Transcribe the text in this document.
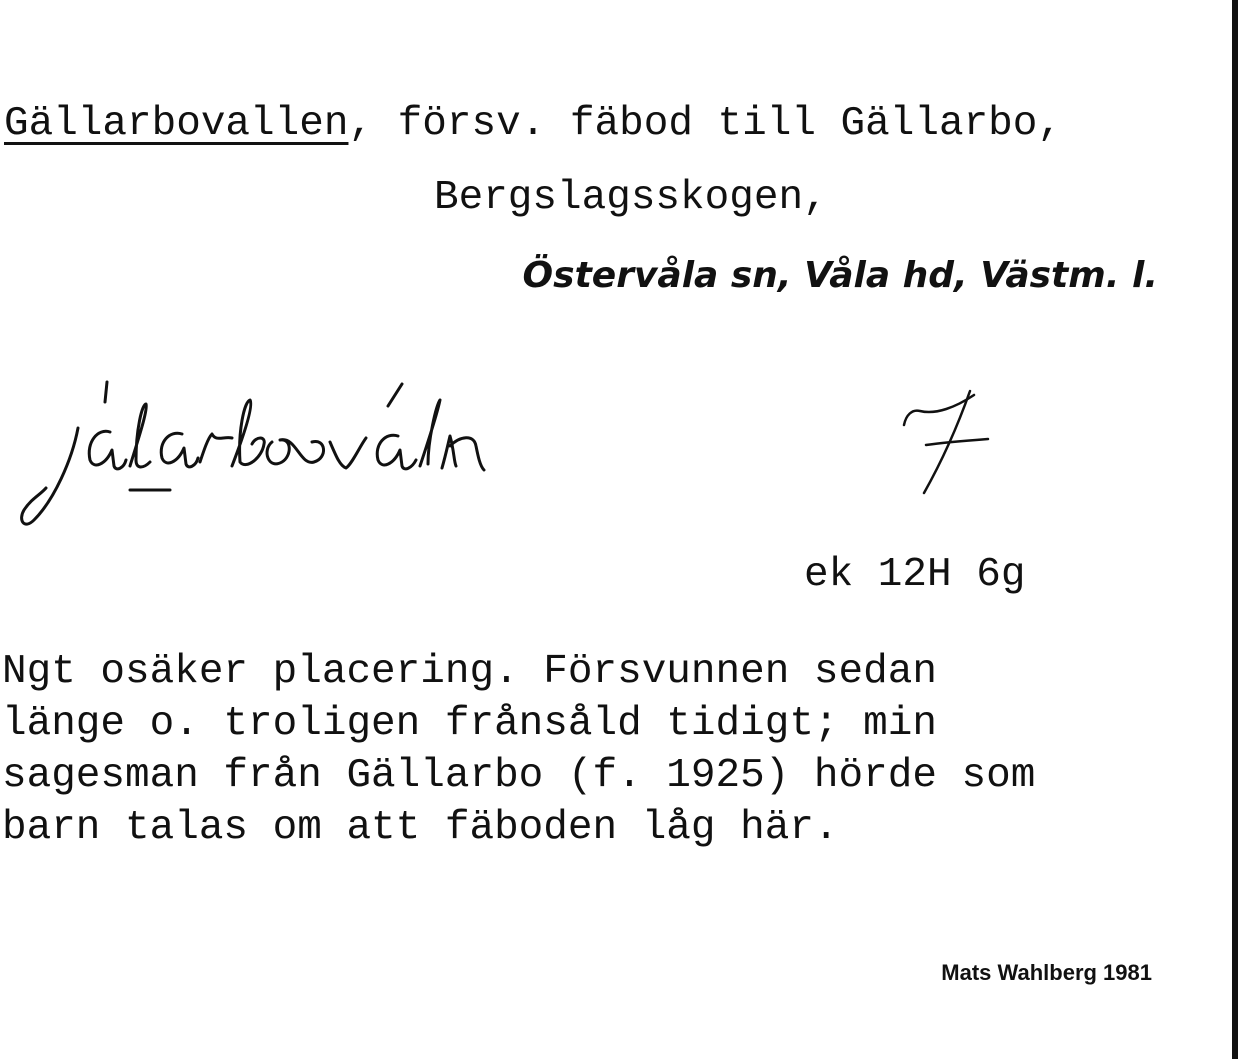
Gällarbovallen, försv. fäbod till Gällarbo,
Bergslagsskogen,
Östervåla sn, Våla hd, Västm. l.
ek 12H 6g
Ngt osäker placering. Försvunnen sedan
länge o. troligen frånsåld tidigt; min
sagesman från Gällarbo (f. 1925) hörde som
barn talas om att fäboden låg här.
Mats Wahlberg 1981
